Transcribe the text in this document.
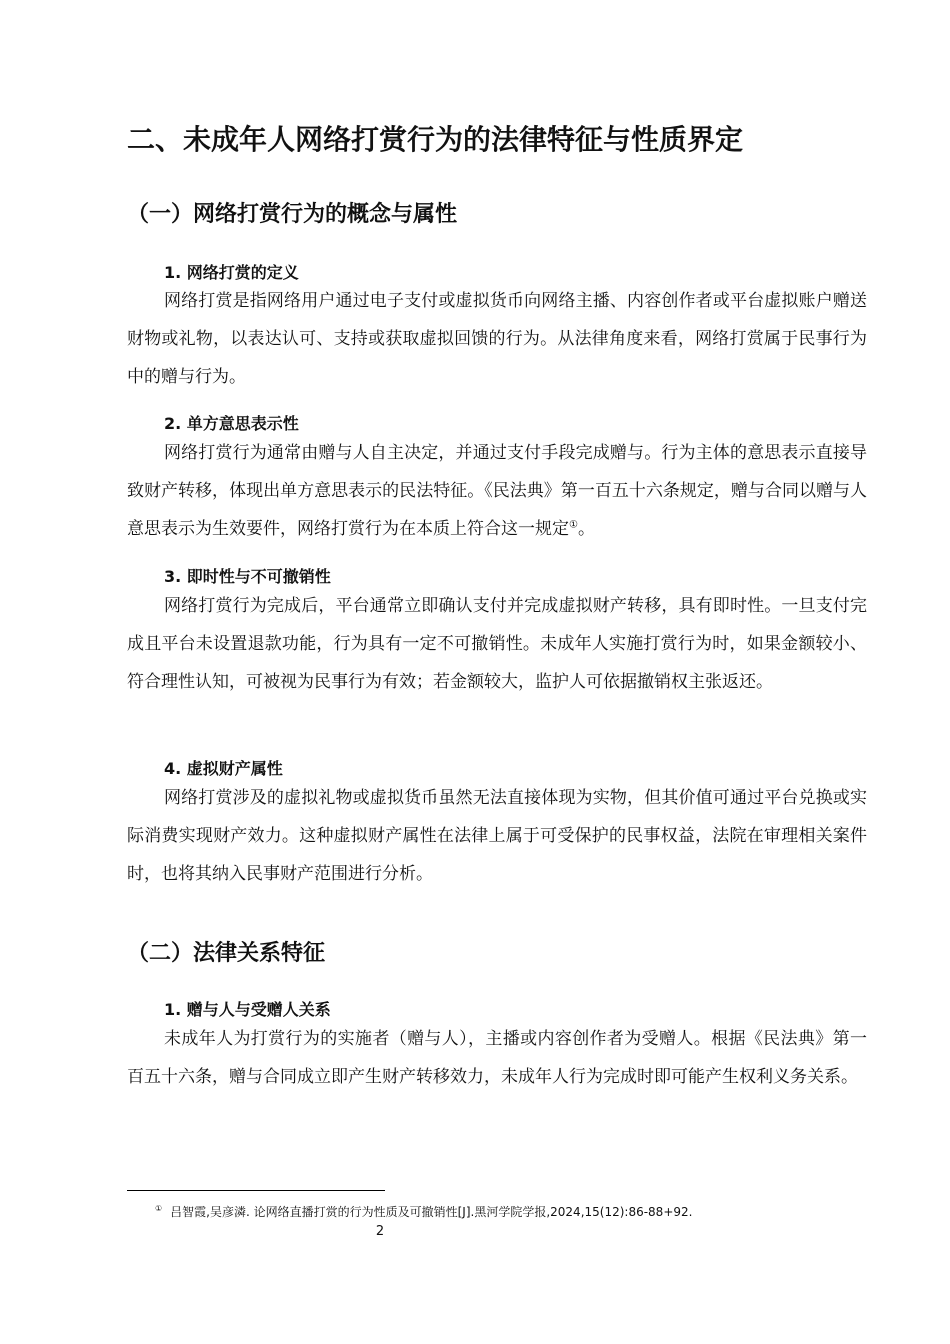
二、未成年人网络打赏行为的法律特征与性质界定
（一）网络打赏行为的概念与属性
1. 网络打赏的定义

网络打赏是指网络用户通过电子支付或虚拟货币向网络主播、内容创作者或平台虚拟账户赠送财物或礼物，以表达认可、支持或获取虚拟回馈的行为。从法律角度来看，网络打赏属于民事行为中的赠与行为。

2. 单方意思表示性

网络打赏行为通常由赠与人自主决定，并通过支付手段完成赠与。行为主体的意思表示直接导致财产转移，体现出单方意思表示的民法特征。《民法典》第一百五十六条规定，赠与合同以赠与人意思表示为生效要件，网络打赏行为在本质上符合这一规定①。

3. 即时性与不可撤销性

网络打赏行为完成后，平台通常立即确认支付并完成虚拟财产转移，具有即时性。一旦支付完成且平台未设置退款功能，行为具有一定不可撤销性。未成年人实施打赏行为时，如果金额较小、符合理性认知，可被视为民事行为有效；若金额较大，监护人可依据撤销权主张返还。

4. 虚拟财产属性

网络打赏涉及的虚拟礼物或虚拟货币虽然无法直接体现为实物，但其价值可通过平台兑换或实际消费实现财产效力。这种虚拟财产属性在法律上属于可受保护的民事权益，法院在审理相关案件时，也将其纳入民事财产范围进行分析。

（二）法律关系特征
1. 赠与人与受赠人关系

未成年人为打赏行为的实施者（赠与人），主播或内容创作者为受赠人。根据《民法典》第一百五十六条，赠与合同成立即产生财产转移效力，未成年人行为完成时即可能产生权利义务关系。

① 吕智霞,吴彦潾. 论网络直播打赏的行为性质及可撤销性[J].黑河学院学报,2024,15(12):86-88+92.
2
